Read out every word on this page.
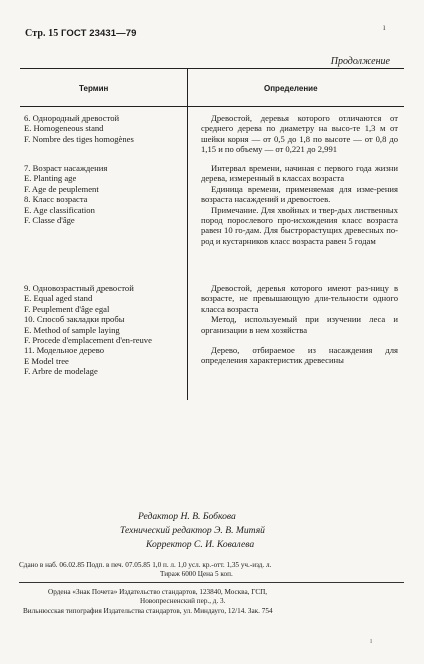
Стр. 15 ГОСТ 23431—79
ı
Продолжение
Термин	Определение
6. Однородный древостой
E. Homogeneous stand
F. Nombre des tiges homogènes

Древостой, деревья которого отличаются от среднего дерева по диаметру на высо-те 1,3 м от шейки корня — от 0,5 до 1,8 по высоте — от 0,8 до 1,15 и по объему — от 0,221 до 2,991

7. Возраст насаждения
E. Planting age
F. Age de peuplement
8. Класс возраста
E. Age classification
F. Classe d'âge

Интервал времени, начиная с первого года жизни дерева, измеренный в классах возраста

Единица времени, применяемая для изме-рения возраста насаждений и древостоев.

Примечание. Для хвойных и твер-дых лиственных пород порослевого про-исхождения класс возраста равен 10 го-дам. Для быстрорастущих древесных по-род и кустарников класс возраста равен 5 годам

9. Одновозрастный древостой
E. Equal aged stand
F. Peuplement d'âge egal
10. Способ закладки пробы
E. Method of sample laying
F. Procede d'emplacement d'en-reuve
11. Модельное дерево
E Model tree
F. Arbre de modelage

Древостой, деревья которого имеют раз-ницу в возрасте, не превышающую дли-тельности одного класса возраста

Метод, используемый при изучении леса и организации в нем хозяйства

Дерево, отбираемое из насаждения для определения характеристик древесины

Редактор Н. В. Бобкова
Технический редактор Э. В. Митяй
Корректор С. И. Ковалева
Сдано в наб. 06.02.85 Подп. в печ. 07.05.85 1,0 п. л. 1,0 усл. кр.-отт. 1,35 уч.-изд. л.
Тираж 6000 Цена 5 коп.
Ордена «Знак Почета» Издательство стандартов, 123840, Москва, ГСП,
Новопресненский пер., д. 3.
Вильнюсская типография Издательства стандартов, ул. Миндауго, 12/14. Зак. 754
ı
